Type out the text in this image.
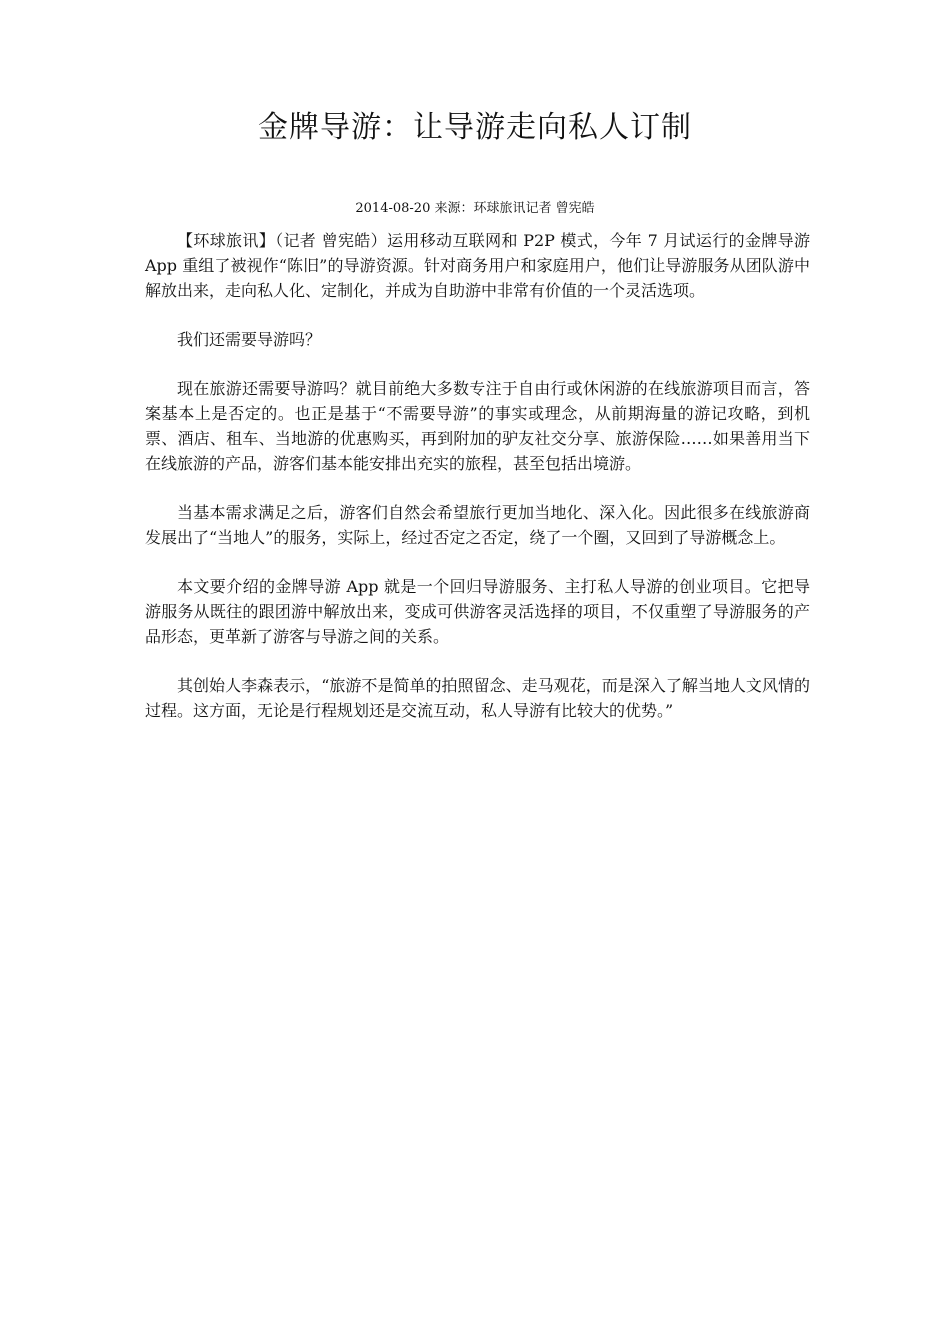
金牌导游：让导游走向私人订制

2014-08-20 来源：环球旅讯记者 曾宪皓

【环球旅讯】（记者 曾宪皓）运用移动互联网和 P2P 模式，今年 7 月试运行的金牌导游 App 重组了被视作“陈旧”的导游资源。针对商务用户和家庭用户，他们让导游服务从团队游中解放出来，走向私人化、定制化，并成为自助游中非常有价值的一个灵活选项。

我们还需要导游吗？

现在旅游还需要导游吗？就目前绝大多数专注于自由行或休闲游的在线旅游项目而言，答案基本上是否定的。也正是基于“不需要导游”的事实或理念，从前期海量的游记攻略，到机票、酒店、租车、当地游的优惠购买，再到附加的驴友社交分享、旅游保险……如果善用当下在线旅游的产品，游客们基本能安排出充实的旅程，甚至包括出境游。

当基本需求满足之后，游客们自然会希望旅行更加当地化、深入化。因此很多在线旅游商发展出了“当地人”的服务，实际上，经过否定之否定，绕了一个圈，又回到了导游概念上。

本文要介绍的金牌导游 App 就是一个回归导游服务、主打私人导游的创业项目。它把导游服务从既往的跟团游中解放出来，变成可供游客灵活选择的项目，不仅重塑了导游服务的产品形态，更革新了游客与导游之间的关系。

其创始人李森表示，“旅游不是简单的拍照留念、走马观花，而是深入了解当地人文风情的过程。这方面，无论是行程规划还是交流互动，私人导游有比较大的优势。”
